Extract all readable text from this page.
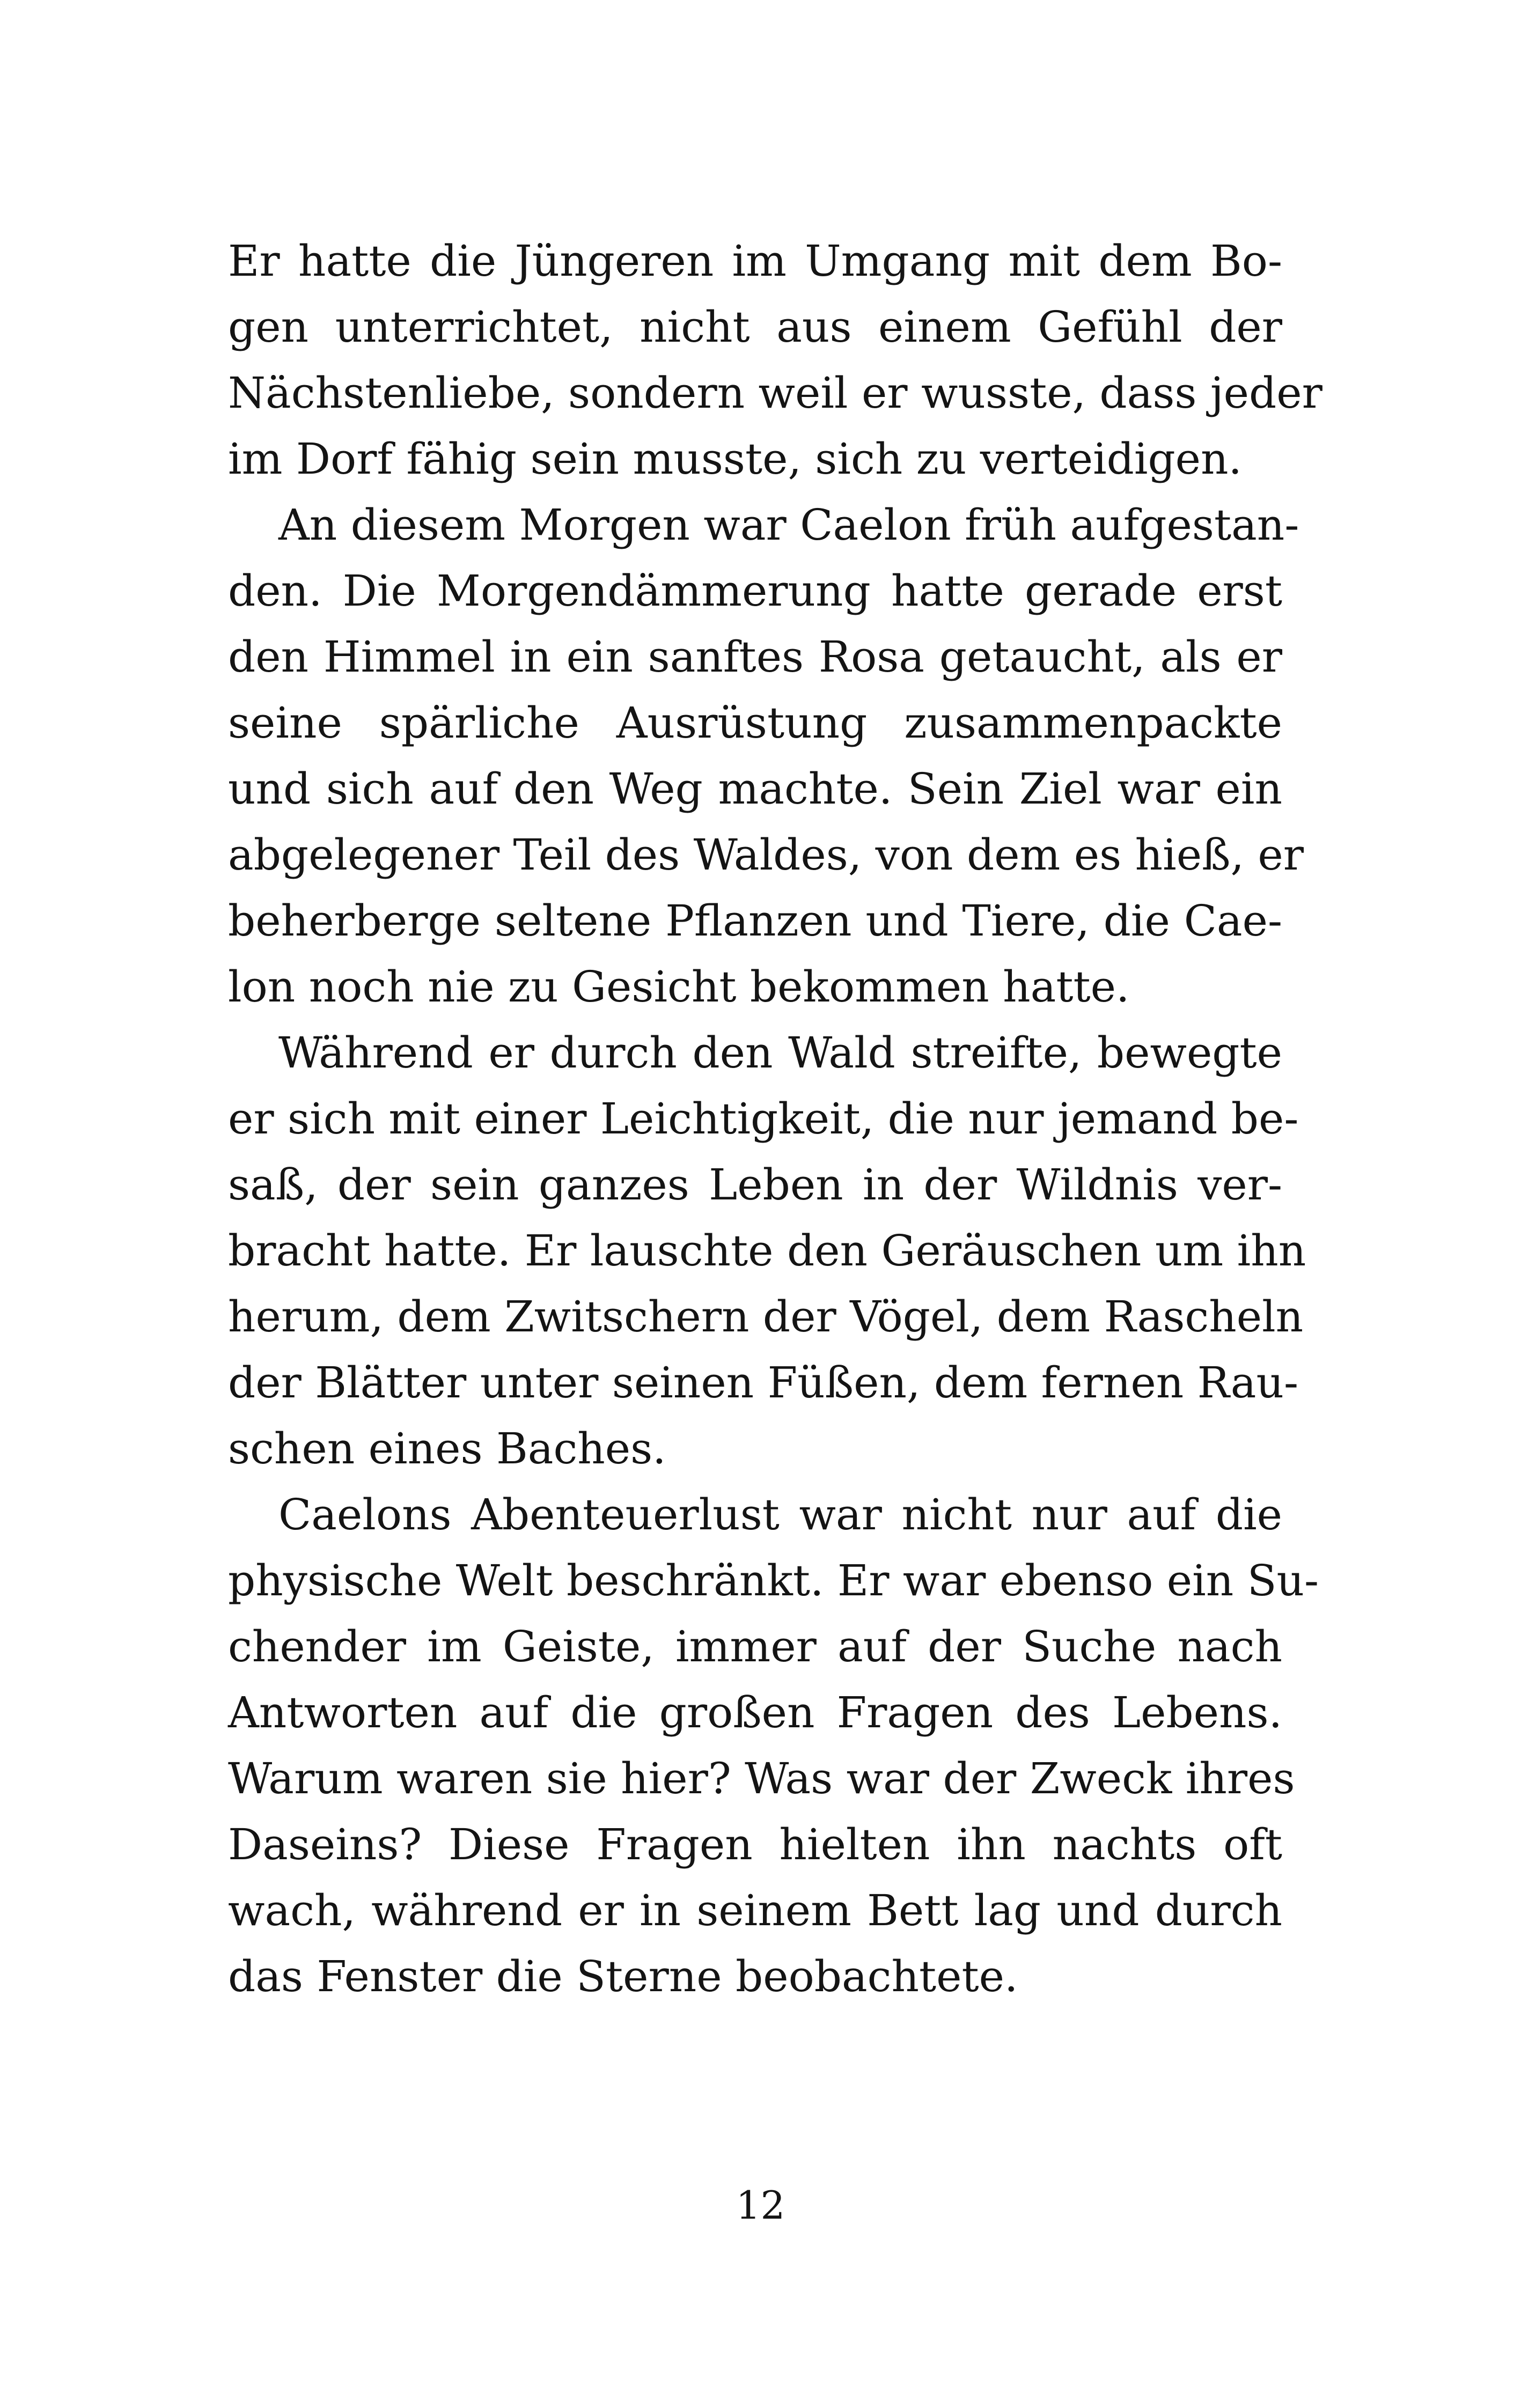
Er hatte die Jüngeren im Umgang mit dem Bo-
gen unterrichtet, nicht aus einem Gefühl der
Nächstenliebe, sondern weil er wusste, dass jeder
im Dorf fähig sein musste, sich zu verteidigen.
An diesem Morgen war Caelon früh aufgestan-
den. Die Morgendämmerung hatte gerade erst
den Himmel in ein sanftes Rosa getaucht, als er
seine spärliche Ausrüstung zusammenpackte
und sich auf den Weg machte. Sein Ziel war ein
abgelegener Teil des Waldes, von dem es hieß, er
beherberge seltene Pflanzen und Tiere, die Cae-
lon noch nie zu Gesicht bekommen hatte.
Während er durch den Wald streifte, bewegte
er sich mit einer Leichtigkeit, die nur jemand be-
saß, der sein ganzes Leben in der Wildnis ver-
bracht hatte. Er lauschte den Geräuschen um ihn
herum, dem Zwitschern der Vögel, dem Rascheln
der Blätter unter seinen Füßen, dem fernen Rau-
schen eines Baches.
Caelons Abenteuerlust war nicht nur auf die
physische Welt beschränkt. Er war ebenso ein Su-
chender im Geiste, immer auf der Suche nach
Antworten auf die großen Fragen des Lebens.
Warum waren sie hier? Was war der Zweck ihres
Daseins? Diese Fragen hielten ihn nachts oft
wach, während er in seinem Bett lag und durch
das Fenster die Sterne beobachtete.
12
